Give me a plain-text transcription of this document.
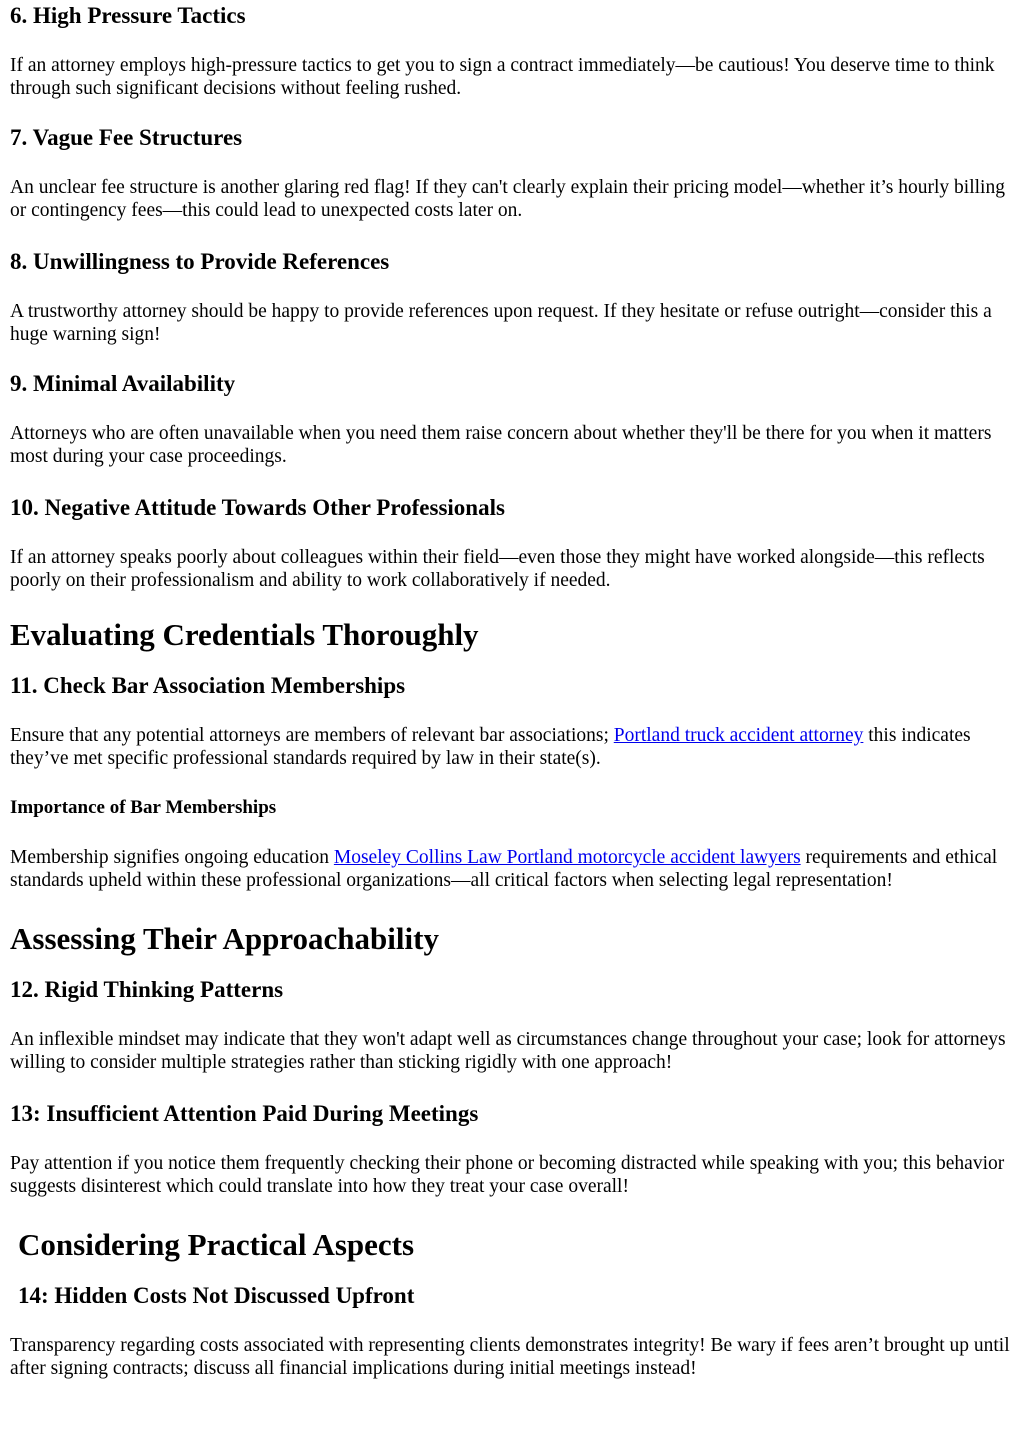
6. High Pressure Tactics

If an attorney employs high-pressure tactics to get you to sign a contract immediately—be cautious! You deserve time to think through such significant decisions without feeling rushed.

7. Vague Fee Structures

An unclear fee structure is another glaring red flag! If they can't clearly explain their pricing model—whether it’s hourly billing or contingency fees—this could lead to unexpected costs later on.

8. Unwillingness to Provide References

A trustworthy attorney should be happy to provide references upon request. If they hesitate or refuse outright—consider this a huge warning sign!

9. Minimal Availability

Attorneys who are often unavailable when you need them raise concern about whether they'll be there for you when it matters most during your case proceedings.

10. Negative Attitude Towards Other Professionals

If an attorney speaks poorly about colleagues within their field—even those they might have worked alongside—this reflects poorly on their professionalism and ability to work collaboratively if needed.

Evaluating Credentials Thoroughly
11. Check Bar Association Memberships

Ensure that any potential attorneys are members of relevant bar associations; Portland truck accident attorney this indicates they’ve met specific professional standards required by law in their state(s).

Importance of Bar Memberships

Membership signifies ongoing education Moseley Collins Law Portland motorcycle accident lawyers requirements and ethical standards upheld within these professional organizations—all critical factors when selecting legal representation!

Assessing Their Approachability
12. Rigid Thinking Patterns

An inflexible mindset may indicate that they won't adapt well as circumstances change throughout your case; look for attorneys willing to consider multiple strategies rather than sticking rigidly with one approach!

13: Insufficient Attention Paid During Meetings

Pay attention if you notice them frequently checking their phone or becoming distracted while speaking with you; this behavior suggests disinterest which could translate into how they treat your case overall!

Considering Practical Aspects
14: Hidden Costs Not Discussed Upfront

Transparency regarding costs associated with representing clients demonstrates integrity! Be wary if fees aren’t brought up until after signing contracts; discuss all financial implications during initial meetings instead!
